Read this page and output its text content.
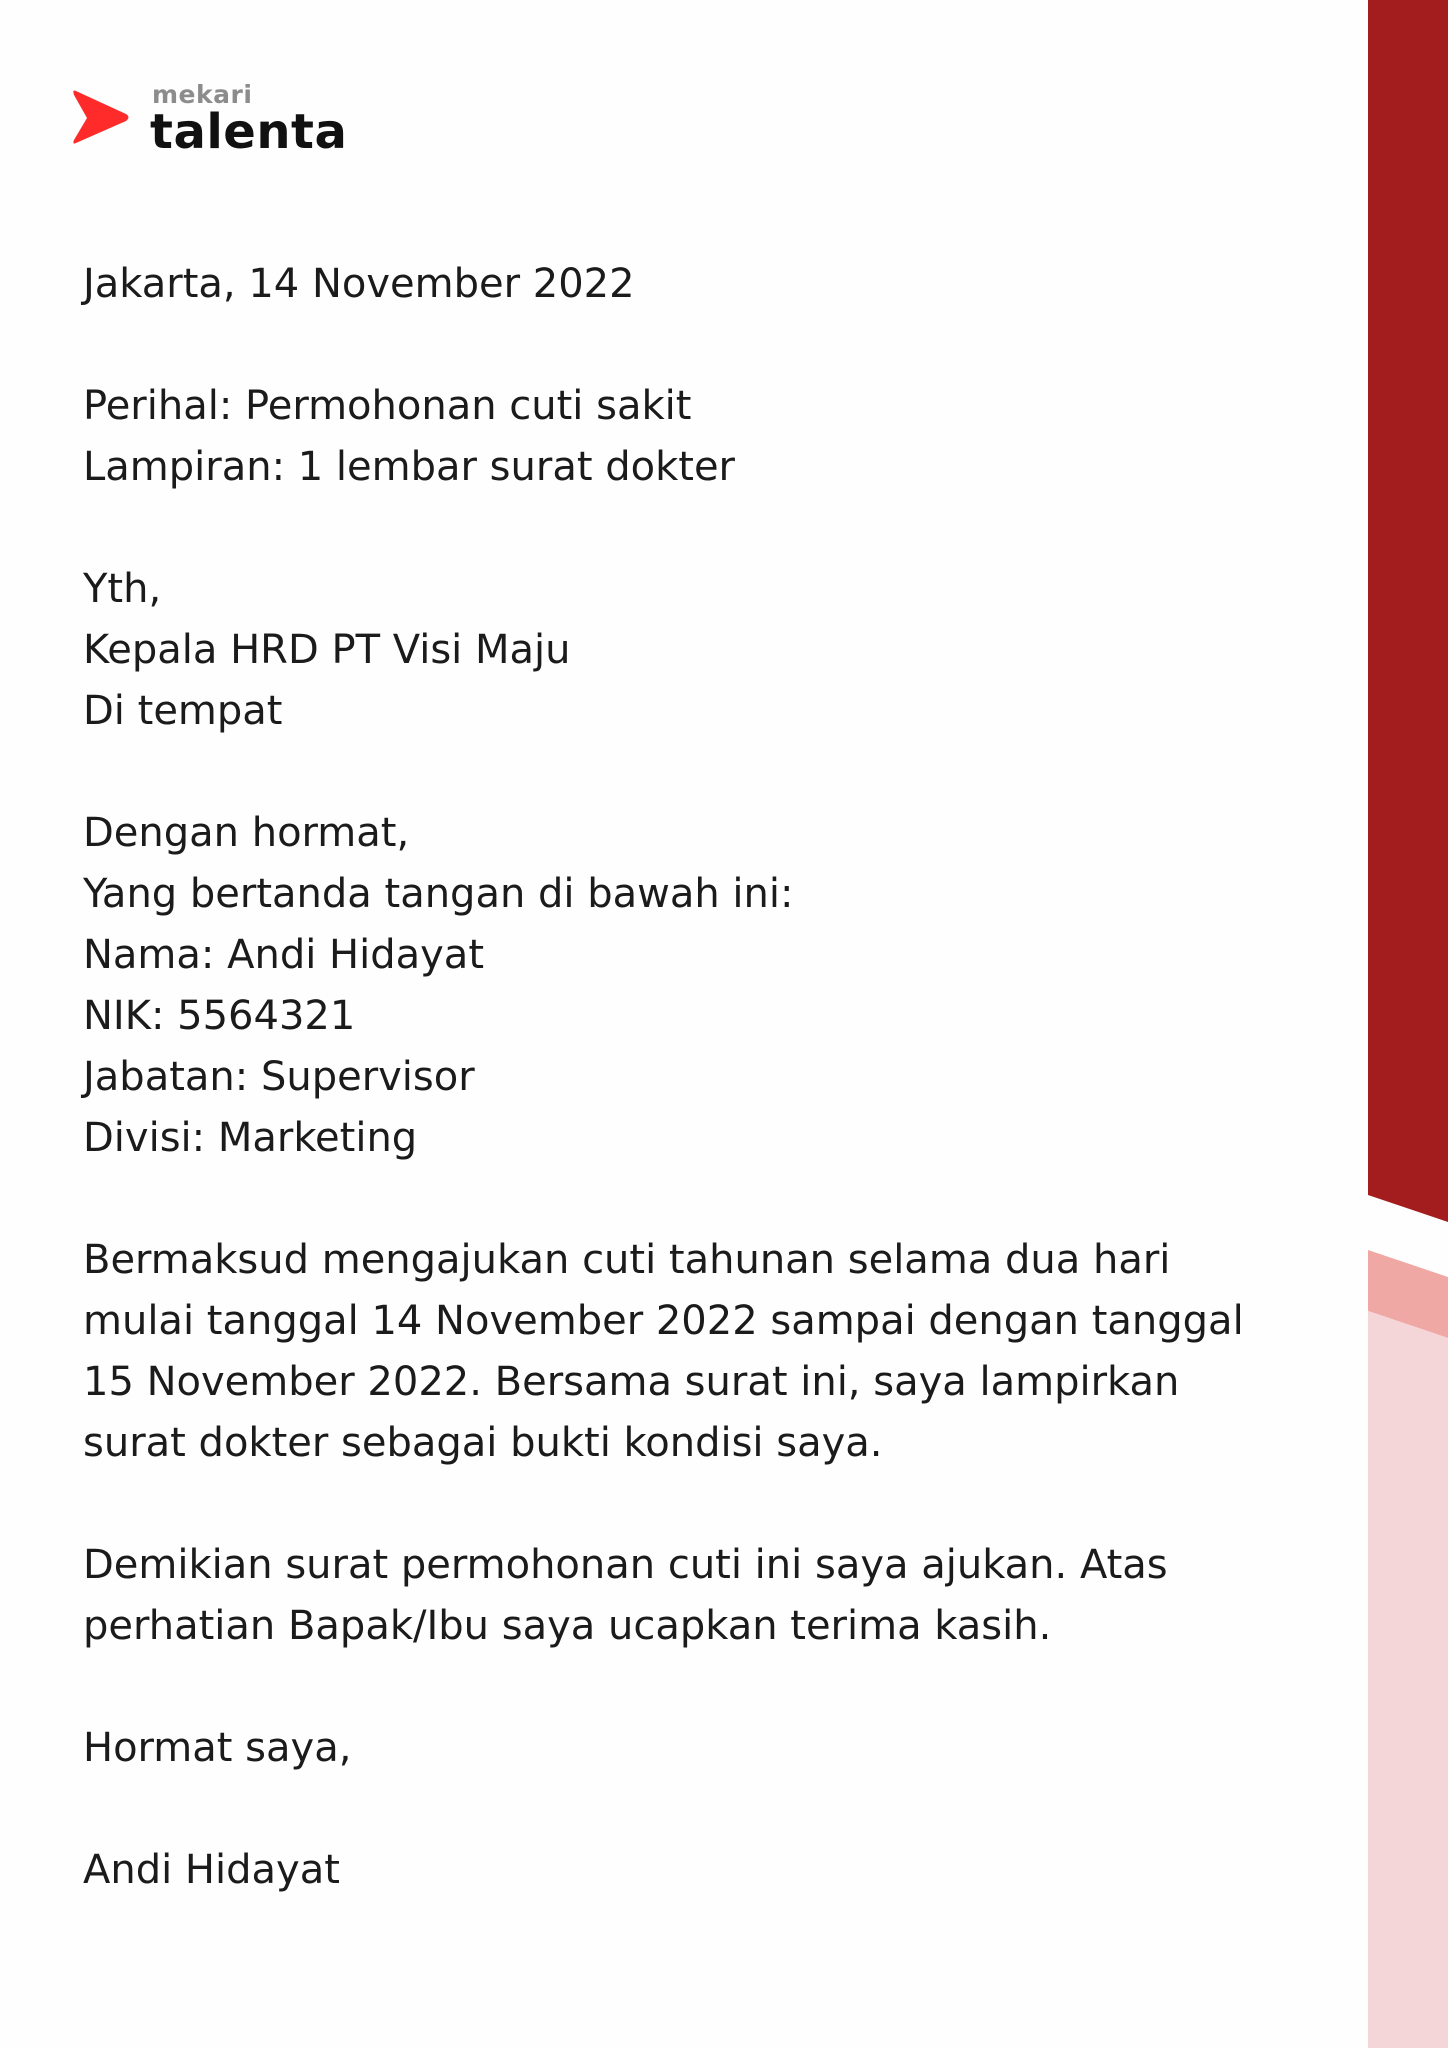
mekari
talenta
Jakarta, 14 November 2022
Perihal: Permohonan cuti sakit
Lampiran: 1 lembar surat dokter
Yth,
Kepala HRD PT Visi Maju
Di tempat
Dengan hormat,
Yang bertanda tangan di bawah ini:
Nama: Andi Hidayat
NIK: 5564321
Jabatan: Supervisor
Divisi: Marketing
Bermaksud mengajukan cuti tahunan selama dua hari
mulai tanggal 14 November 2022 sampai dengan tanggal
15 November 2022. Bersama surat ini, saya lampirkan
surat dokter sebagai bukti kondisi saya.
Demikian surat permohonan cuti ini saya ajukan. Atas
perhatian Bapak/Ibu saya ucapkan terima kasih.
Hormat saya,
Andi Hidayat
